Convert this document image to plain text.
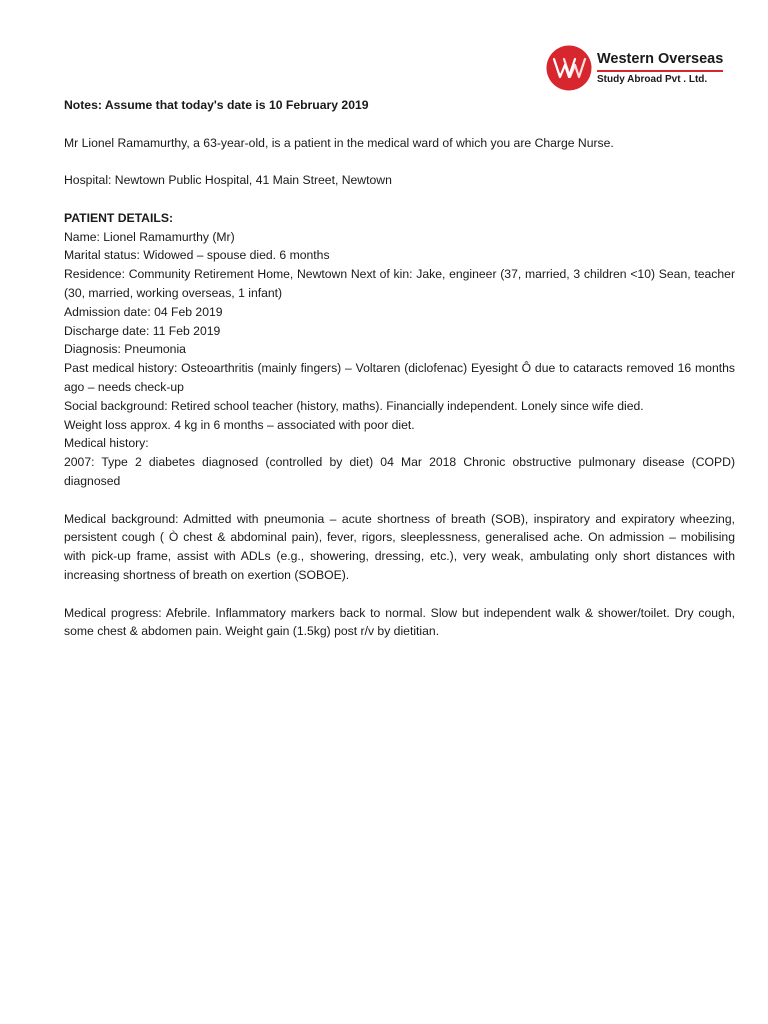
Western Overseas
Study Abroad Pvt . Ltd.

Notes: Assume that today's date is 10 February 2019

Mr Lionel Ramamurthy, a 63-year-old, is a patient in the medical ward of which you are Charge Nurse.

Hospital: Newtown Public Hospital, 41 Main Street, Newtown

PATIENT DETAILS:

Name: Lionel Ramamurthy (Mr)

Marital status: Widowed – spouse died. 6 months

Residence: Community Retirement Home, Newtown Next of kin: Jake, engineer (37, married, 3 children <10) Sean, teacher (30, married, working overseas, 1 infant)

Admission date: 04 Feb 2019

Discharge date: 11 Feb 2019

Diagnosis: Pneumonia

Past medical history: Osteoarthritis (mainly fingers) – Voltaren (diclofenac) Eyesight Ô due to cataracts removed 16 months ago – needs check-up

Social background: Retired school teacher (history, maths). Financially independent. Lonely since wife died.

Weight loss approx. 4 kg in 6 months – associated with poor diet.

Medical history:

2007: Type 2 diabetes diagnosed (controlled by diet) 04 Mar 2018 Chronic obstructive pulmonary disease (COPD) diagnosed

Medical background: Admitted with pneumonia – acute shortness of breath (SOB), inspiratory and expiratory wheezing, persistent cough ( Ò chest & abdominal pain), fever, rigors, sleeplessness, generalised ache. On admission – mobilising with pick-up frame, assist with ADLs (e.g., showering, dressing, etc.), very weak, ambulating only short distances with increasing shortness of breath on exertion (SOBOE).

Medical progress: Afebrile. Inflammatory markers back to normal. Slow but independent walk & shower/toilet. Dry cough, some chest & abdomen pain. Weight gain (1.5kg) post r/v by dietitian.
